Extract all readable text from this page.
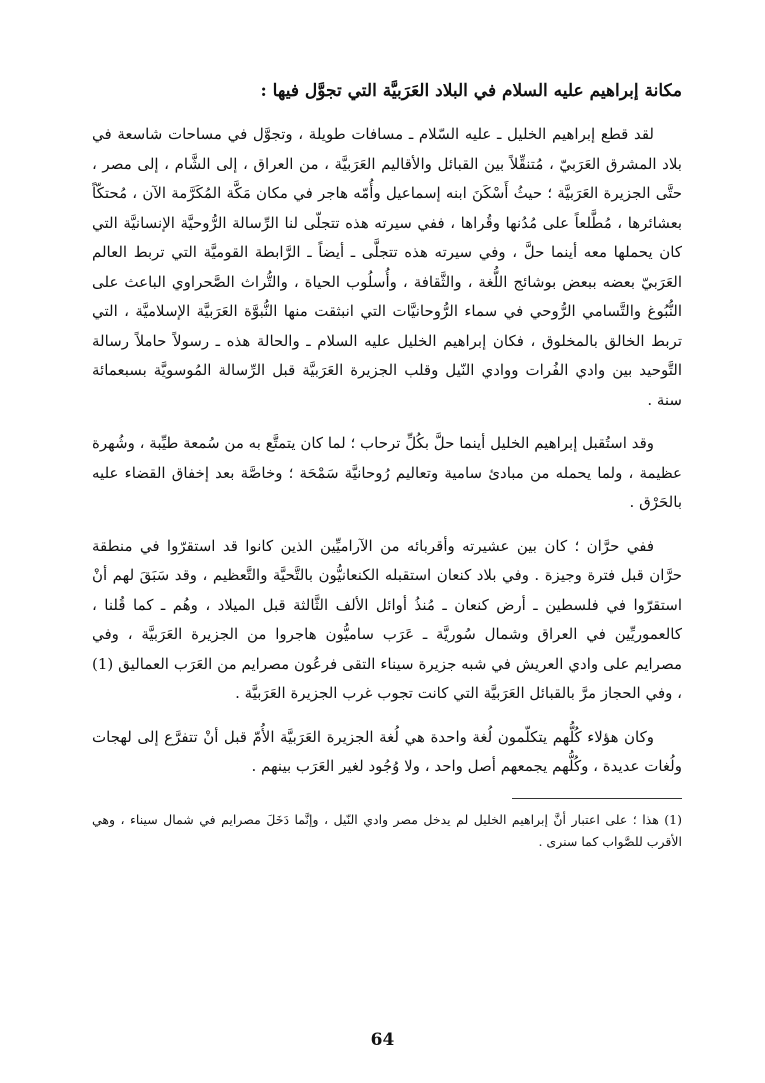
مكانة إبراهيم عليه السلام في البلاد العَرَبيَّة التي تجوَّل فيها :

لقد قطع إبراهيم الخليل ـ عليه السّلام ـ مسافات طويلة ، وتجوَّل في مساحات شاسعة في بلاد المشرق العَرَبيّ ، مُتنقِّلاً بين القبائل والأقاليم العَرَبيَّة ، من العراق ، إلى الشَّام ، إلى مصر ، حتَّى الجزيرة العَرَبيَّة ؛ حيثُ أَسْكَنَ ابنه إسماعيل وأُمّه هاجر في مكان مَكَّة المُكَرَّمة الآن ، مُحتكّاً بعشائرها ، مُطَّلعاً على مُدُنها وقُراها ، ففي سيرته هذه تتجلّى لنا الرِّسالة الرُّوحيَّة الإنسانيَّة التي كان يحملها معه أينما حلَّ ، وفي سيرته هذه تتجلَّى ـ أيضاً ـ الرَّابطة القوميَّة التي تربط العالم العَرَبيّ بعضه ببعض بوشائج اللُّغة ، والثَّقافة ، وأُسلُوب الحياة ، والتُّراث الصَّحراوي الباعث على النُّبُوغ والتَّسامي الرُّوحي في سماء الرُّوحانيَّات التي انبثقت منها النُّبوَّة العَرَبيَّة الإسلاميَّة ، التي تربط الخالق بالمخلوق ، فكان إبراهيم الخليل عليه السلام ـ والحالة هذه ـ رسولاً حاملاً رسالة التَّوحيد بين وادي الفُرات ووادي النّيل وقلب الجزيرة العَرَبيَّة قبل الرِّسالة المُوسويَّة بسبعمائة سنة .

وقد استُقبل إبراهيم الخليل أينما حلَّ بكُلِّ ترحاب ؛ لما كان يتمتَّع به من سُمعة طيِّبة ، وشُهرة عظيمة ، ولما يحمله من مبادئ سامية وتعاليم رُوحانيَّة سَمْحَة ؛ وخاصَّة بعد إخفاق القضاء عليه بالحَرْق .

ففي حرَّان ؛ كان بين عشيرته وأقربائه من الآراميِّين الذين كانوا قد استقرّوا في منطقة حرَّان قبل فترة وجيزة . وفي بلاد كنعان استقبله الكنعانيُّون بالتَّحيَّة والتَّعظيم ، وقد سَبَقَ لهم أنْ استقرّوا في فلسطين ـ أرض كنعان ـ مُنذُ أوائل الألف الثَّالثة قبل الميلاد ، وهُم ـ كما قُلنا ، كالعموريِّين في العراق وشمال سُوريَّة ـ عَرَب ساميُّون هاجروا من الجزيرة العَرَبيَّة ، وفي مصرايم على وادي العريش في شبه جزيرة سيناء التقى فرعُون مصرايم من العَرَب العماليق (1) ، وفي الحجاز مرَّ بالقبائل العَرَبيَّة التي كانت تجوب غرب الجزيرة العَرَبيَّة .

وكان هؤلاء كُلُّهم يتكلّمون لُغة واحدة هي لُغة الجزيرة العَرَبيَّة الأُمّ قبل أنْ تتفرَّع إلى لهجات ولُغات عديدة ، وكُلُّهم يجمعهم أصل واحد ، ولا وُجُود لغير العَرَب بينهم .

(1) هذا ؛ على اعتبار أنَّ إبراهيم الخليل لم يدخل مصر وادي النّيل ، وإنَّما دَخَلَ مصرايم في شمال سيناء ، وهي الأقرب للصَّواب كما سنرى .

64
